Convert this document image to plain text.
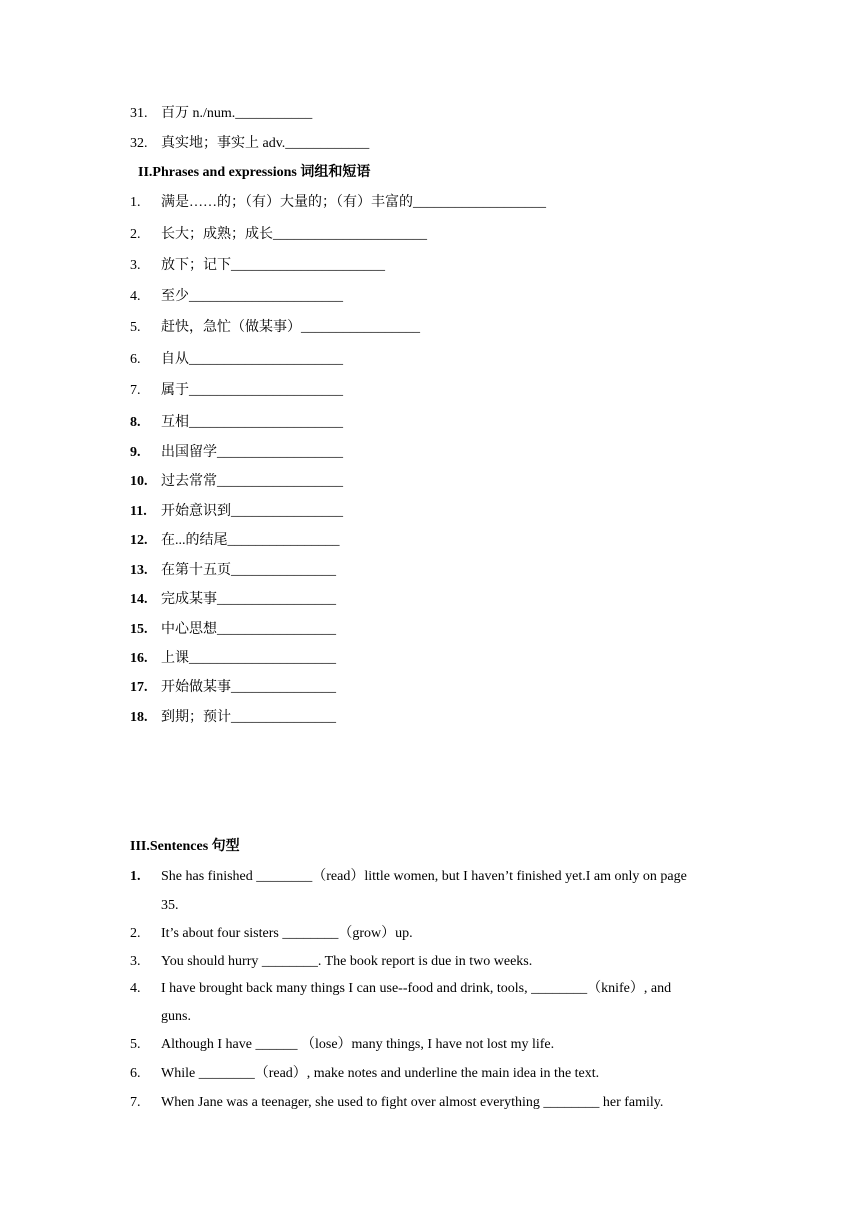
31. 百万 n./num.___________
32. 真实地；事实上 adv.____________
II.Phrases and expressions 词组和短语
1. 满是……的；（有）大量的；（有）丰富的___________________
2. 长大；成熟；成长______________________
3. 放下；记下______________________
4. 至少______________________
5. 赶快，急忙（做某事）_________________
6. 自从______________________
7. 属于______________________
8. 互相______________________
9. 出国留学__________________
10. 过去常常__________________
11. 开始意识到________________
12. 在...的结尾________________
13. 在第十五页_______________
14. 完成某事_________________
15. 中心思想_________________
16. 上课_____________________
17. 开始做某事_______________
18. 到期；预计_______________
III.Sentences 句型
1. She has finished ________（read）little women, but I haven’t finished yet.I am only on page
35.
2. It’s about four sisters ________（grow）up.
3. You should hurry ________. The book report is due in two weeks.
4. I have brought back many things I can use--food and drink, tools, ________（knife）, and
guns.
5. Although I have ______ （lose）many things, I have not lost my life.
6. While ________（read）, make notes and underline the main idea in the text.
7. When Jane was a teenager, she used to fight over almost everything ________ her family.
